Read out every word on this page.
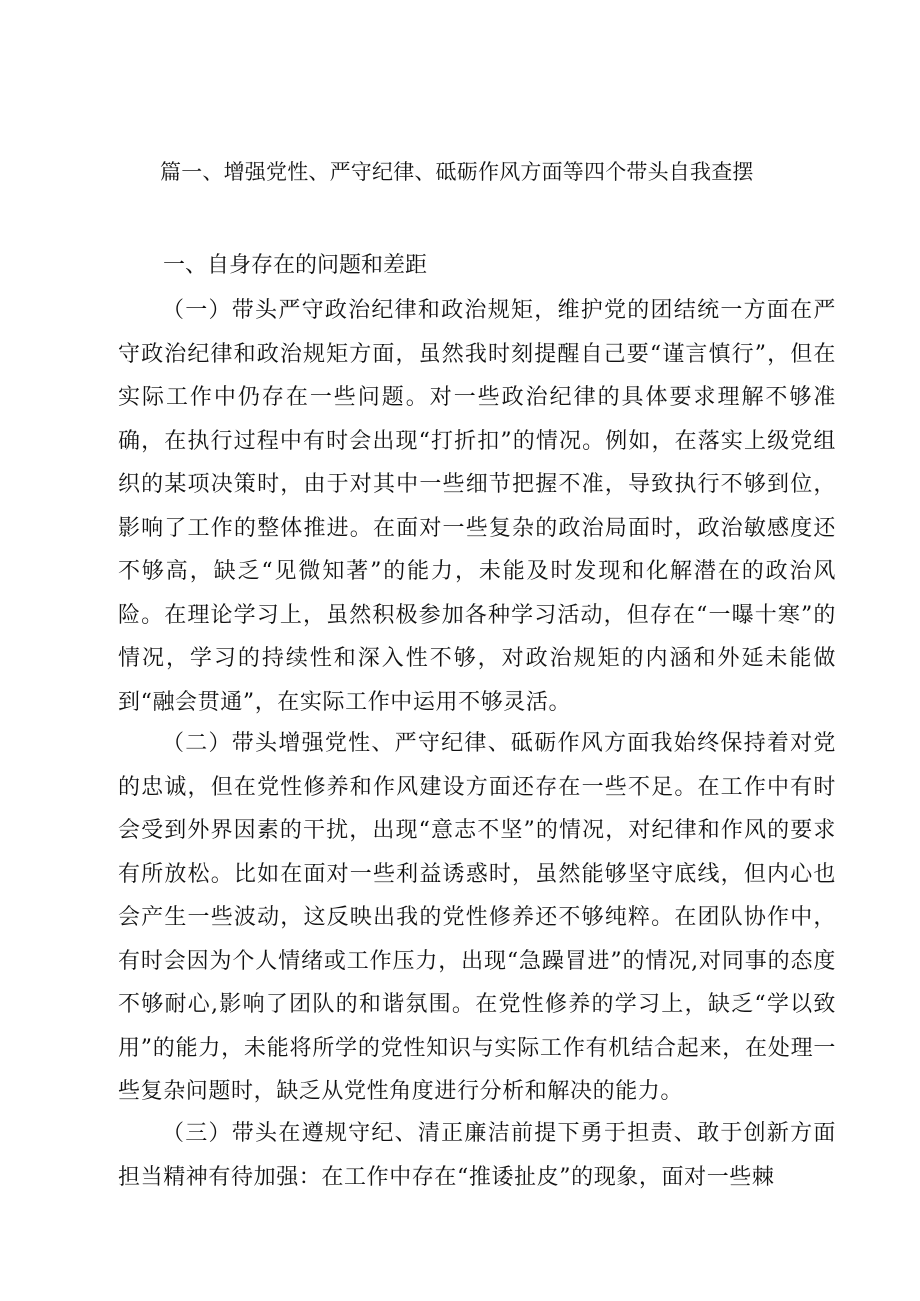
篇一、增强党性、严守纪律、砥砺作风方面等四个带头自我查摆
一、自身存在的问题和差距

（一）带头严守政治纪律和政治规矩，维护党的团结统一方面在严守政治纪律和政治规矩方面，虽然我时刻提醒自己要“谨言慎行”，但在实际工作中仍存在一些问题。对一些政治纪律的具体要求理解不够准确，在执行过程中有时会出现“打折扣”的情况。例如，在落实上级党组织的某项决策时，由于对其中一些细节把握不准，导致执行不够到位，影响了工作的整体推进。在面对一些复杂的政治局面时，政治敏感度还不够高，缺乏“见微知著”的能力，未能及时发现和化解潜在的政治风险。在理论学习上，虽然积极参加各种学习活动，但存在“一曝十寒”的情况，学习的持续性和深入性不够，对政治规矩的内涵和外延未能做到“融会贯通”，在实际工作中运用不够灵活。

（二）带头增强党性、严守纪律、砥砺作风方面我始终保持着对党的忠诚，但在党性修养和作风建设方面还存在一些不足。在工作中有时会受到外界因素的干扰，出现“意志不坚”的情况，对纪律和作风的要求有所放松。比如在面对一些利益诱惑时，虽然能够坚守底线，但内心也会产生一些波动，这反映出我的党性修养还不够纯粹。在团队协作中，有时会因为个人情绪或工作压力，出现“急躁冒进”的情况,对同事的态度不够耐心,影响了团队的和谐氛围。在党性修养的学习上，缺乏“学以致用”的能力，未能将所学的党性知识与实际工作有机结合起来，在处理一些复杂问题时，缺乏从党性角度进行分析和解决的能力。

（三）带头在遵规守纪、清正廉洁前提下勇于担责、敢于创新方面担当精神有待加强：在工作中存在“推诿扯皮”的现象，面对一些棘
